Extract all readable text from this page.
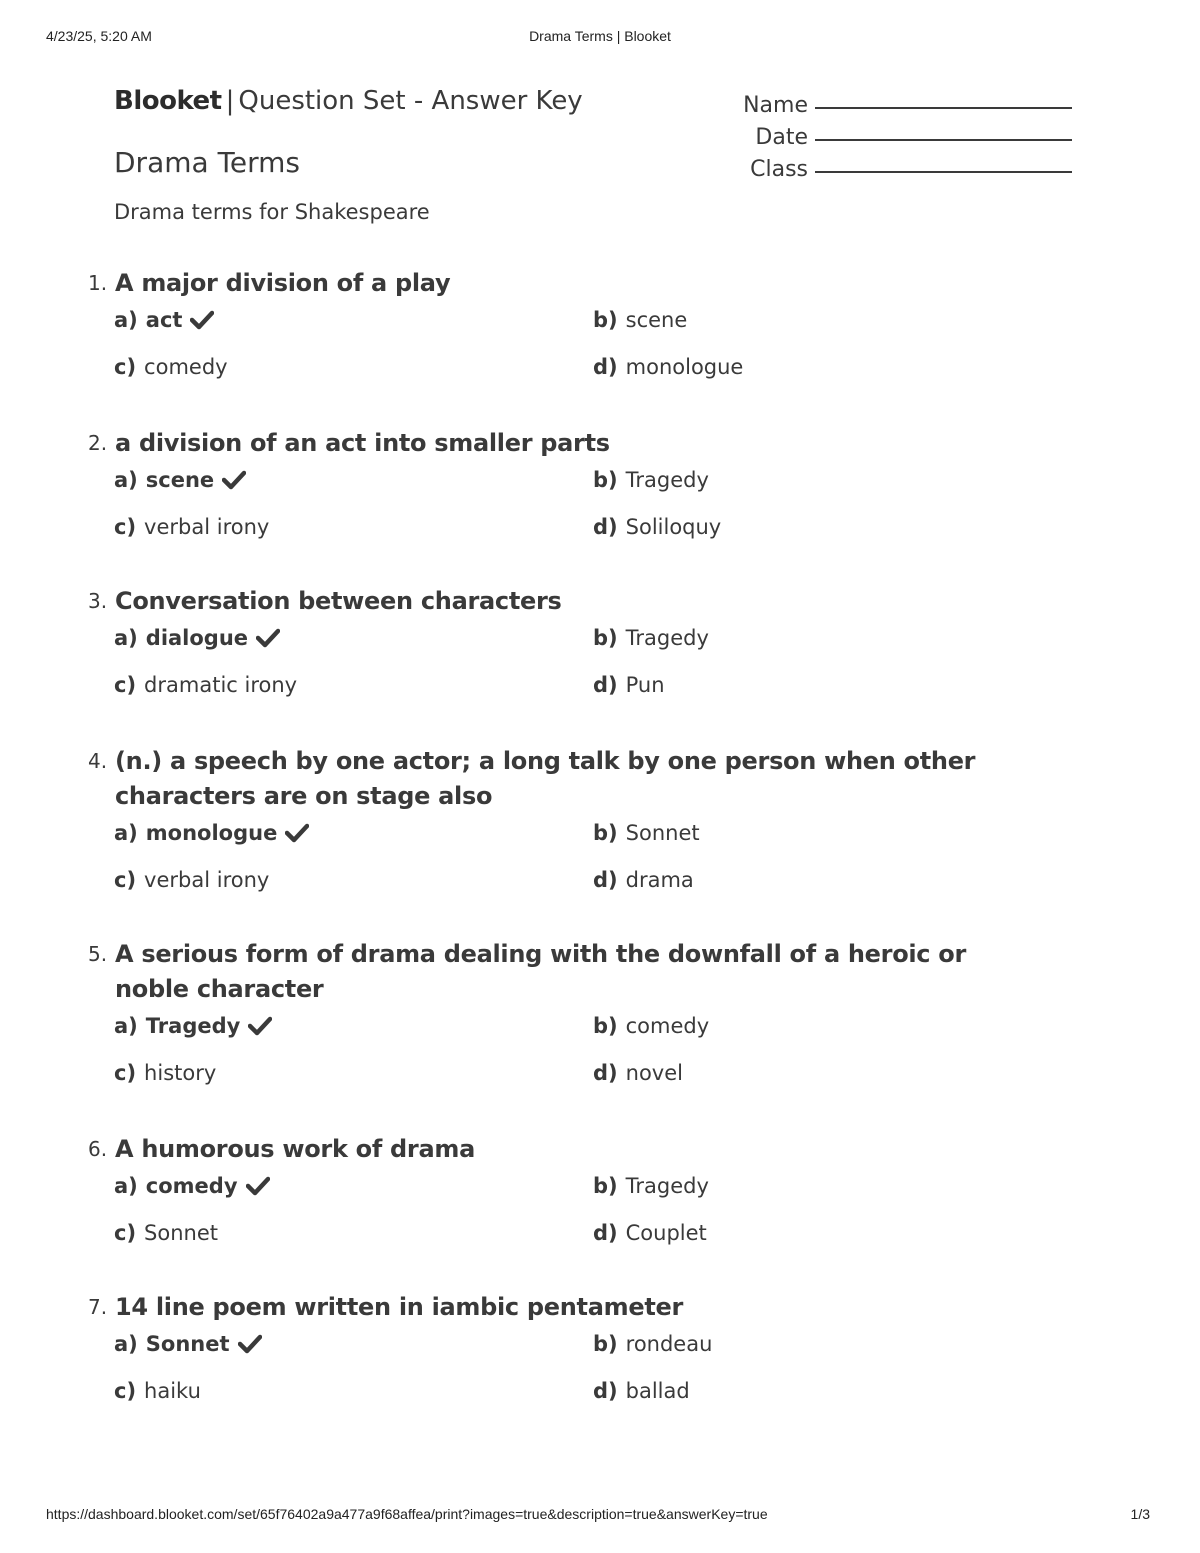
4/23/25, 5:20 AM	Drama Terms | Blooket
Blooket | Question Set - Answer Key
Drama Terms
Drama terms for Shakespeare
Name
Date
Class
1. A major division of a play
a) act	b) scene
c) comedy	d) monologue
2. a division of an act into smaller parts
a) scene	b) Tragedy
c) verbal irony	d) Soliloquy
3. Conversation between characters
a) dialogue	b) Tragedy
c) dramatic irony	d) Pun
4. (n.) a speech by one actor; a long talk by one person when other characters are on stage also
a) monologue	b) Sonnet
c) verbal irony	d) drama
5. A serious form of drama dealing with the downfall of a heroic or noble character
a) Tragedy	b) comedy
c) history	d) novel
6. A humorous work of drama
a) comedy	b) Tragedy
c) Sonnet	d) Couplet
7. 14 line poem written in iambic pentameter
a) Sonnet	b) rondeau
c) haiku	d) ballad
https://dashboard.blooket.com/set/65f76402a9a477a9f68affea/print?images=true&description=true&answerKey=true	1/3
